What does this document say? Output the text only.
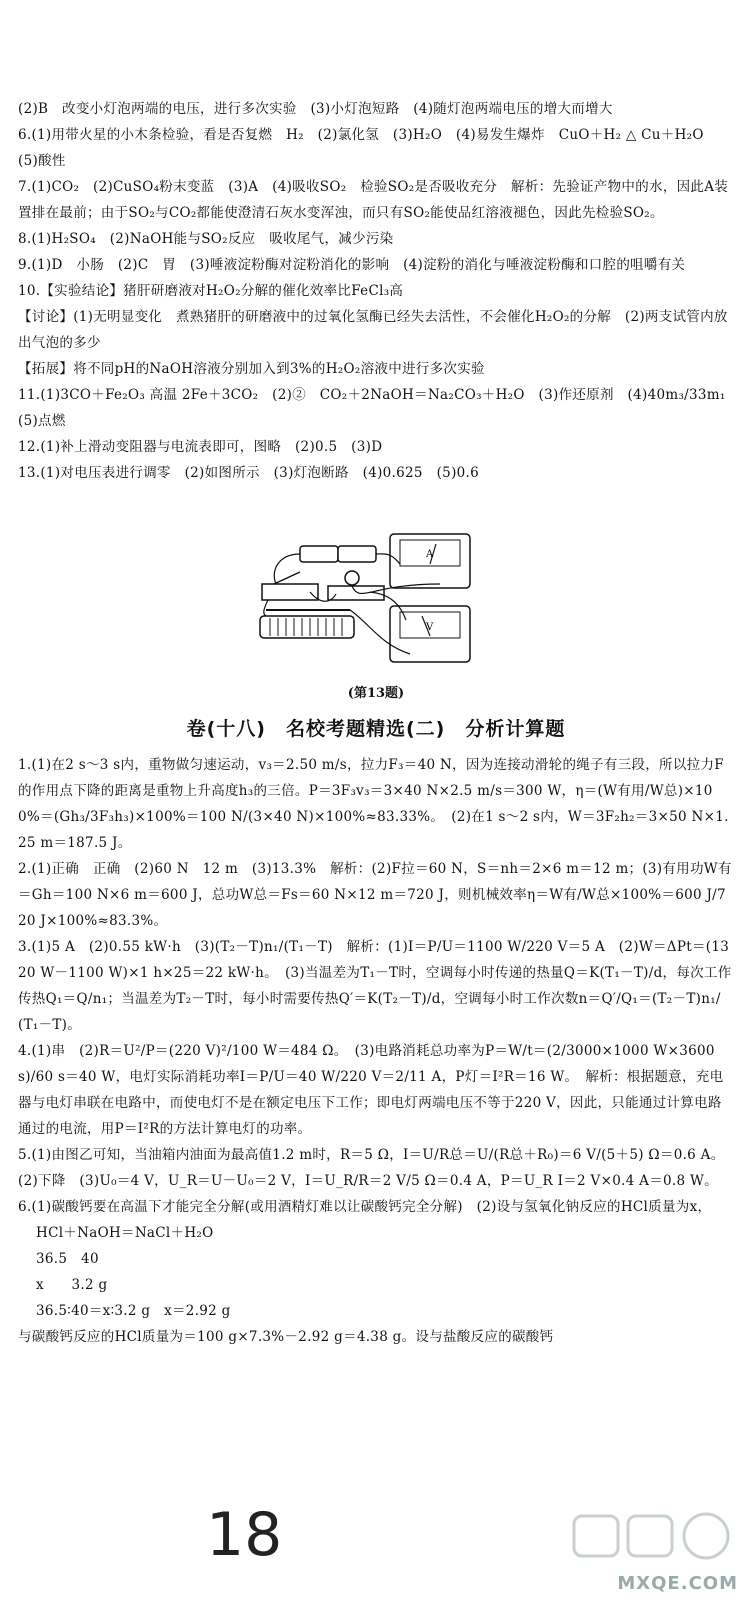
(2)B　改变小灯泡两端的电压，进行多次实验　(3)小灯泡短路　(4)随灯泡两端电压的增大而增大

6.(1)用带火星的小木条检验，看是否复燃　H₂　(2)氯化氢　(3)H₂O　(4)易发生爆炸　CuO＋H₂ △ Cu＋H₂O　(5)酸性

7.(1)CO₂　(2)CuSO₄粉末变蓝　(3)A　(4)吸收SO₂　检验SO₂是否吸收充分　解析：先验证产物中的水，因此A装置排在最前；由于SO₂与CO₂都能使澄清石灰水变浑浊，而只有SO₂能使品红溶液褪色，因此先检验SO₂。

8.(1)H₂SO₄　(2)NaOH能与SO₂反应　吸收尾气，减少污染

9.(1)D　小肠　(2)C　胃　(3)唾液淀粉酶对淀粉消化的影响　(4)淀粉的消化与唾液淀粉酶和口腔的咀嚼有关

10.【实验结论】猪肝研磨液对H₂O₂分解的催化效率比FeCl₃高

【讨论】(1)无明显变化　煮熟猪肝的研磨液中的过氧化氢酶已经失去活性，不会催化H₂O₂的分解　(2)两支试管内放出气泡的多少

【拓展】将不同pH的NaOH溶液分别加入到3%的H₂O₂溶液中进行多次实验

11.(1)3CO＋Fe₂O₃ 高温 2Fe＋3CO₂　(2)②　CO₂＋2NaOH＝Na₂CO₃＋H₂O　(3)作还原剂　(4)40m₃/33m₁　(5)点燃

12.(1)补上滑动变阻器与电流表即可，图略　(2)0.5　(3)D

13.(1)对电压表进行调零　(2)如图所示　(3)灯泡断路　(4)0.625　(5)0.6

A
V
(第13题)
卷(十八)　名校考题精选(二)　分析计算题

1.(1)在2 s～3 s内，重物做匀速运动，v₃＝2.50 m/s，拉力F₃＝40 N，因为连接动滑轮的绳子有三段，所以拉力F的作用点下降的距离是重物上升高度h₃的三倍。P＝3F₃v₃＝3×40 N×2.5 m/s＝300 W，η＝(W有用/W总)×100%＝(Gh₃/3F₃h₃)×100%＝100 N/(3×40 N)×100%≈83.33%。　(2)在1 s～2 s内，W＝3F₂h₂＝3×50 N×1.25 m＝187.5 J。

2.(1)正确　正确　(2)60 N　12 m　(3)13.3%　解析：(2)F拉＝60 N，S＝nh＝2×6 m＝12 m；(3)有用功W有＝Gh＝100 N×6 m＝600 J，总功W总＝Fs＝60 N×12 m＝720 J，则机械效率η＝W有/W总×100%＝600 J/720 J×100%≈83.3%。

3.(1)5 A　(2)0.55 kW·h　(3)(T₂－T)n₁/(T₁－T)　解析：(1)I＝P/U＝1100 W/220 V＝5 A　(2)W＝ΔPt＝(1320 W－1100 W)×1 h×25＝22 kW·h。　(3)当温差为T₁－T时，空调每小时传递的热量Q＝K(T₁－T)/d，每次工作传热Q₁＝Q/n₁；当温差为T₂－T时，每小时需要传热Q′＝K(T₂－T)/d，空调每小时工作次数n＝Q′/Q₁＝(T₂－T)n₁/(T₁－T)。

4.(1)串　(2)R＝U²/P＝(220 V)²/100 W＝484 Ω。　(3)电路消耗总功率为P＝W/t＝(2/3000×1000 W×3600 s)/60 s＝40 W，电灯实际消耗功率I＝P/U＝40 W/220 V＝2/11 A，P灯＝I²R＝16 W。　解析：根据题意，充电器与电灯串联在电路中，而使电灯不是在额定电压下工作；即电灯两端电压不等于220 V，因此，只能通过计算电路通过的电流，用P＝I²R的方法计算电灯的功率。

5.(1)由图乙可知，当油箱内油面为最高值1.2 m时，R＝5 Ω，I＝U/R总＝U/(R总＋R₀)＝6 V/(5＋5) Ω＝0.6 A。　(2)下降　(3)U₀＝4 V，U_R＝U－U₀＝2 V，I＝U_R/R＝2 V/5 Ω＝0.4 A，P＝U_R I＝2 V×0.4 A＝0.8 W。

6.(1)碳酸钙要在高温下才能完全分解(或用酒精灯难以让碳酸钙完全分解)　(2)设与氢氧化钠反应的HCl质量为x，

HCl＋NaOH＝NaCl＋H₂O

36.5　40

x　　3.2 g

36.5∶40＝x∶3.2 g　x＝2.92 g

与碳酸钙反应的HCl质量为＝100 g×7.3%－2.92 g＝4.38 g。设与盐酸反应的碳酸钙

18
MXQE.COM
